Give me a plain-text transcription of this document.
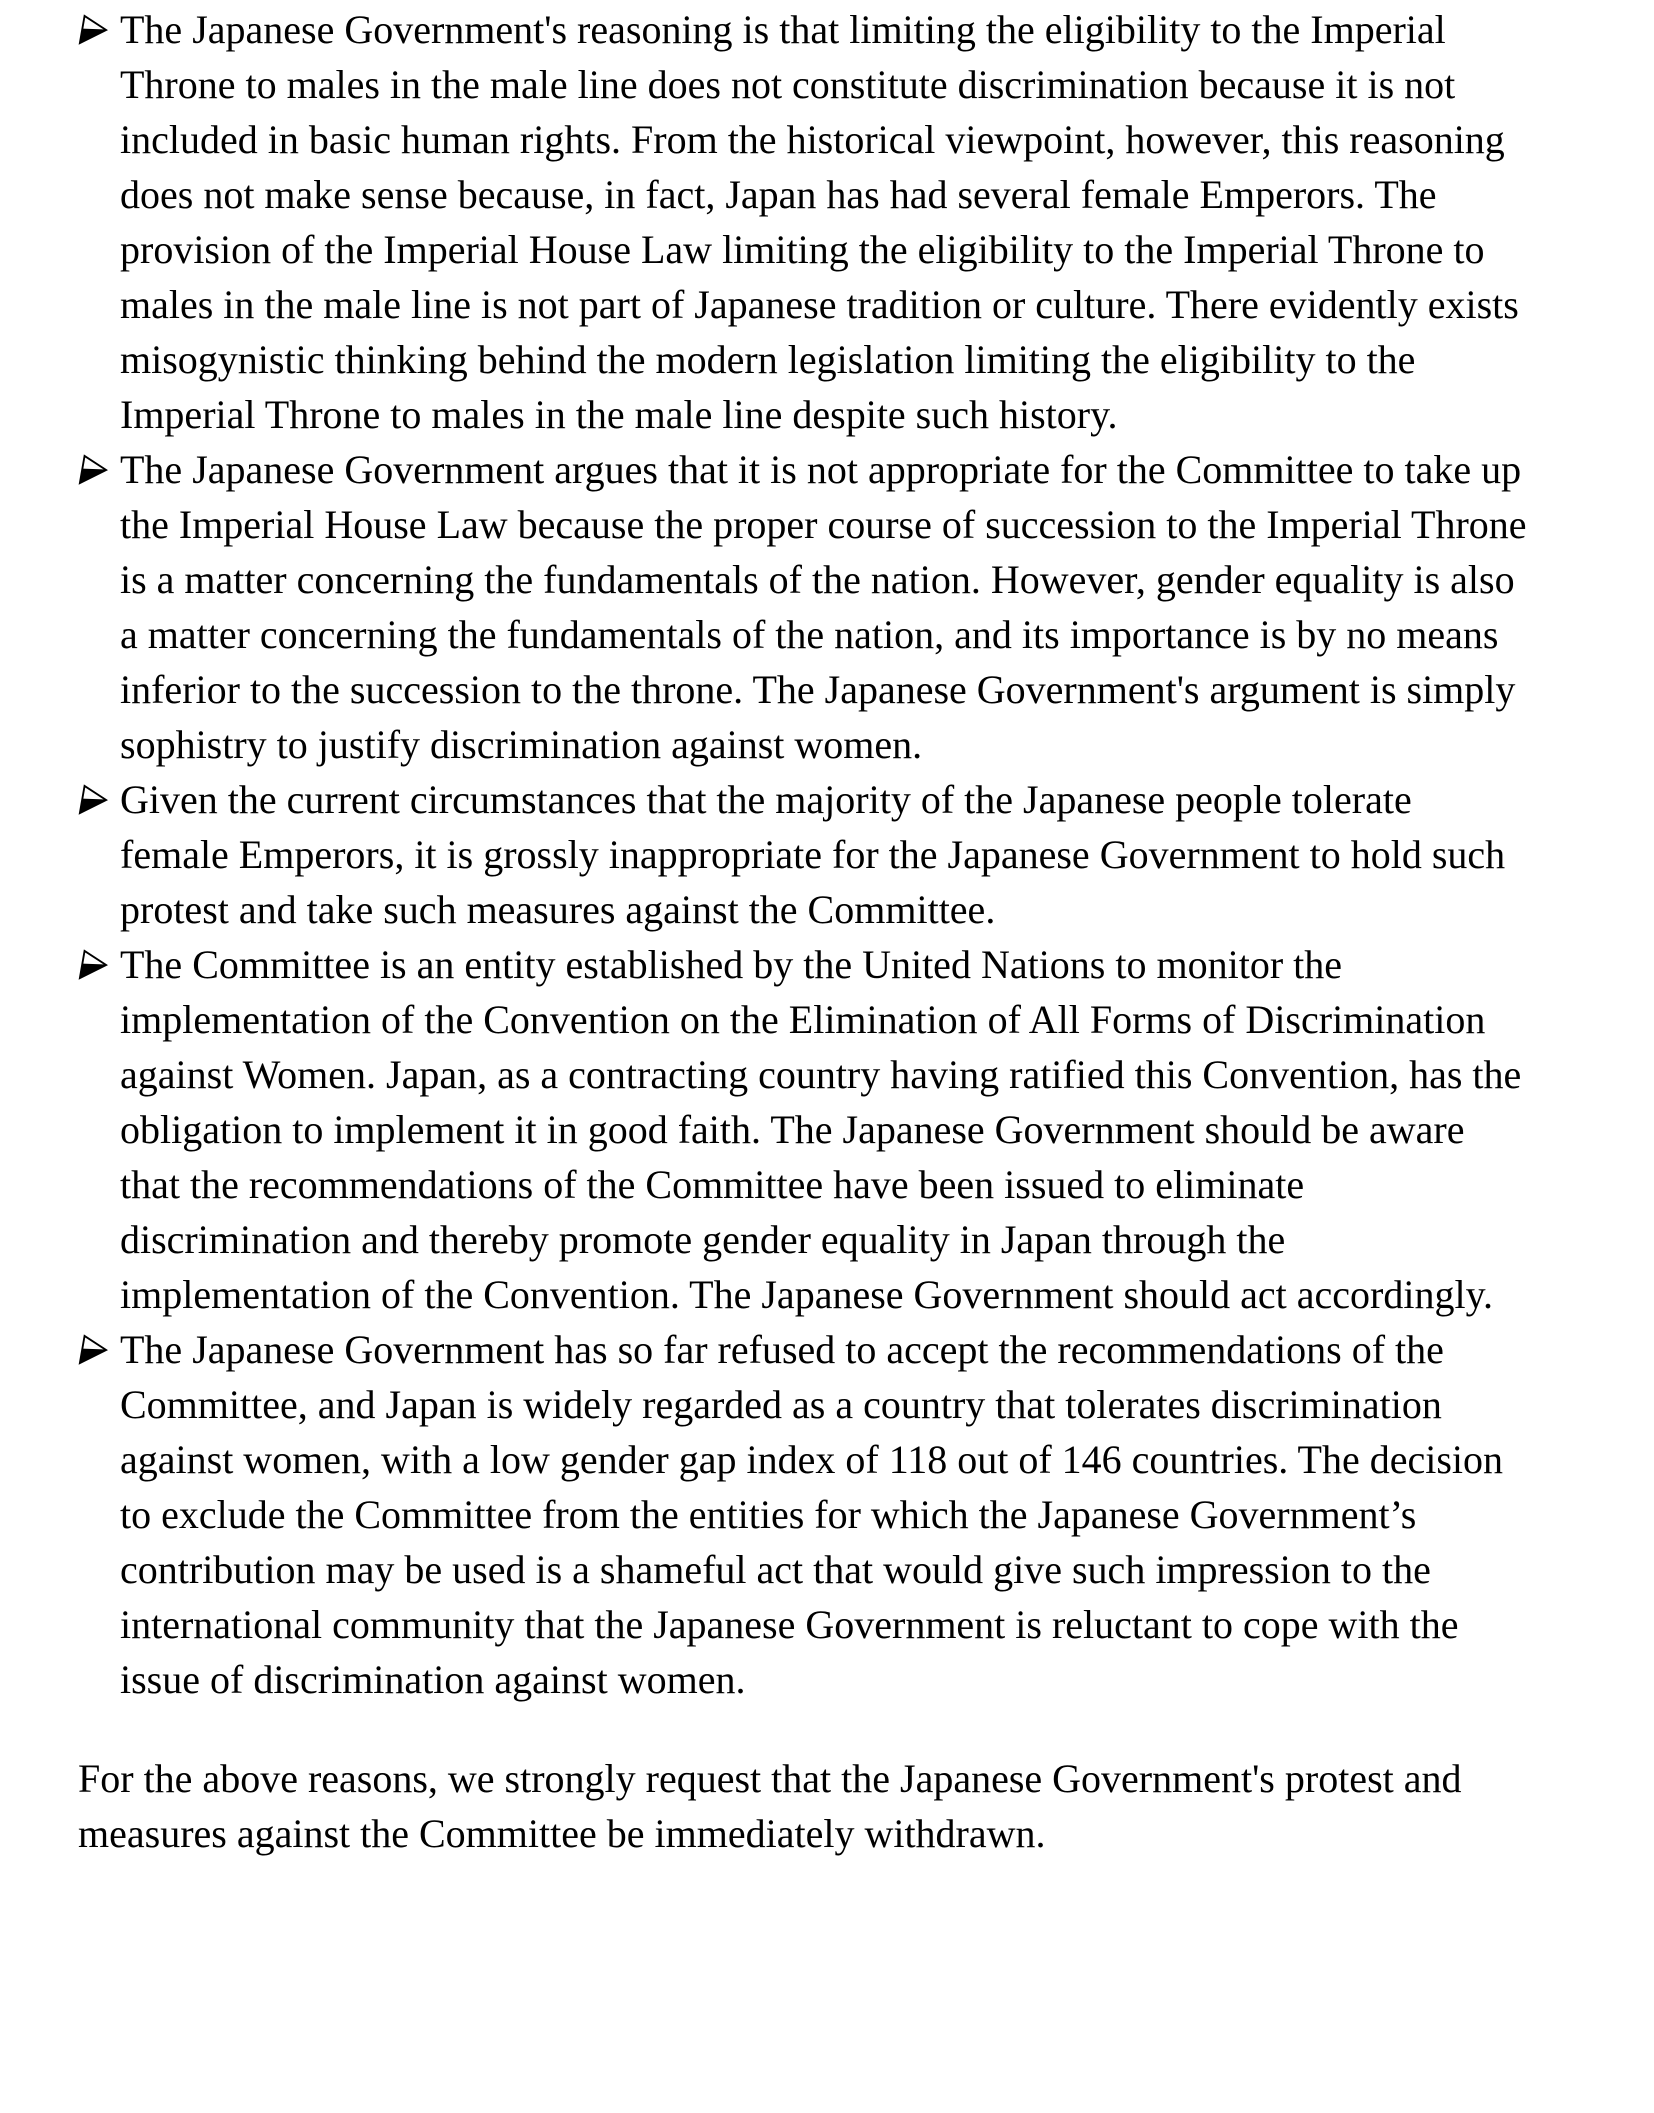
The Japanese Government's reasoning is that limiting the eligibility to the Imperial Throne to males in the male line does not constitute discrimination because it is not included in basic human rights. From the historical viewpoint, however, this reasoning does not make sense because, in fact, Japan has had several female Emperors. The provision of the Imperial House Law limiting the eligibility to the Imperial Throne to males in the male line is not part of Japanese tradition or culture. There evidently exists misogynistic thinking behind the modern legislation limiting the eligibility to the Imperial Throne to males in the male line despite such history.
The Japanese Government argues that it is not appropriate for the Committee to take up the Imperial House Law because the proper course of succession to the Imperial Throne is a matter concerning the fundamentals of the nation. However, gender equality is also a matter concerning the fundamentals of the nation, and its importance is by no means inferior to the succession to the throne. The Japanese Government's argument is simply sophistry to justify discrimination against women.
Given the current circumstances that the majority of the Japanese people tolerate female Emperors, it is grossly inappropriate for the Japanese Government to hold such protest and take such measures against the Committee.
The Committee is an entity established by the United Nations to monitor the implementation of the Convention on the Elimination of All Forms of Discrimination against Women. Japan, as a contracting country having ratified this Convention, has the obligation to implement it in good faith. The Japanese Government should be aware that the recommendations of the Committee have been issued to eliminate discrimination and thereby promote gender equality in Japan through the implementation of the Convention. The Japanese Government should act accordingly.
The Japanese Government has so far refused to accept the recommendations of the Committee, and Japan is widely regarded as a country that tolerates discrimination against women, with a low gender gap index of 118 out of 146 countries. The decision to exclude the Committee from the entities for which the Japanese Government’s contribution may be used is a shameful act that would give such impression to the international community that the Japanese Government is reluctant to cope with the issue of discrimination against women.

For the above reasons, we strongly request that the Japanese Government's protest and measures against the Committee be immediately withdrawn.
